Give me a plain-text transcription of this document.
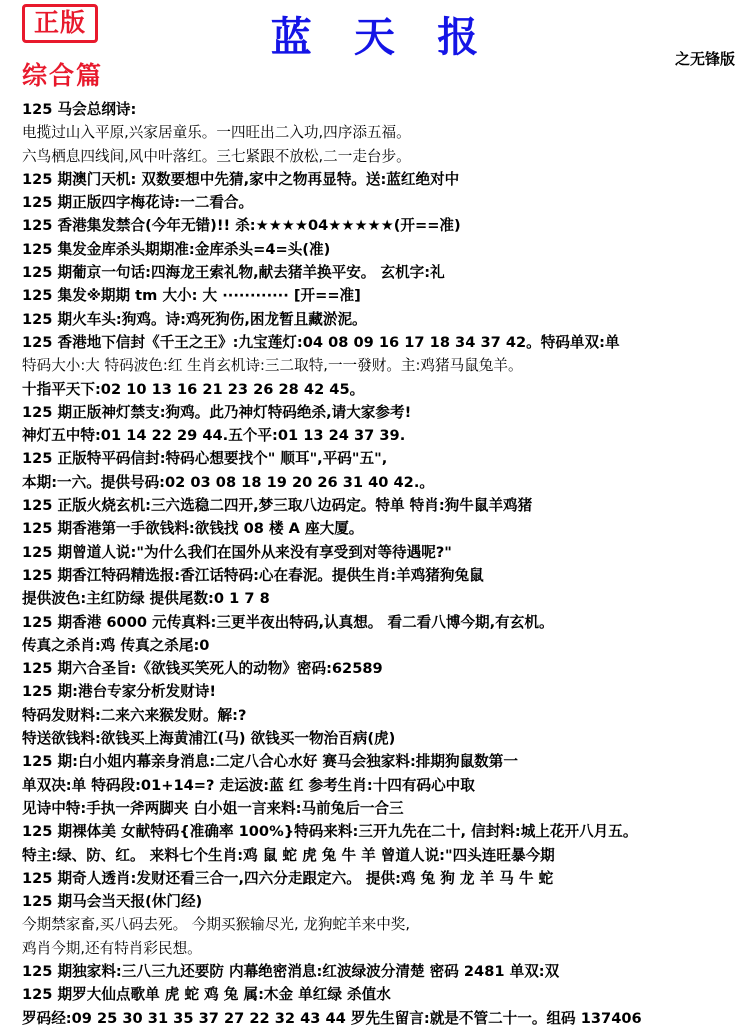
正版	蓝 天 报	之无锋版
综合篇
125 马会总纲诗:
电揽过山入平原,兴家居童乐。一四旺出二入功,四序添五福。
六鸟栖息四线间,风中叶落红。三七紧跟不放松,二一走台步。
125 期澳门天机: 双数要想中先猜,家中之物再显特。送:蓝红绝对中
125 期正版四字梅花诗:一二看合。
125 香港集发禁合(今年无错)!! 杀:★★★★04★★★★★(开==准)
125 集发金库杀头期期准:金库杀头=4=头(准)
125 期葡京一句话:四海龙王索礼物,献去猪羊换平安。 玄机字:礼
125 集发※期期 tm 大小: 大 ············ [开==准]
125 期火车头:狗鸡。诗:鸡死狗伤,困龙暂且藏淤泥。
125 香港地下信封《千王之王》:九宝莲灯:04 08 09 16 17 18 34 37 42。特码单双:单
特码大小:大 特码波色:红 生肖玄机诗:三二取特,一一發财。主:鸡猪马鼠兔羊。
十指平天下:02 10 13 16 21 23 26 28 42 45。
125 期正版神灯禁支:狗鸡。此乃神灯特码绝杀,请大家参考!
神灯五中特:01 14 22 29 44.五个平:01 13 24 37 39.
125 正版特平码信封:特码心想要找个" 顺耳",平码"五",
本期:一六。提供号码:02 03 08 18 19 20 26 31 40 42.。
125 正版火烧玄机:三六选稳二四开,梦三取八边码定。特单 特肖:狗牛鼠羊鸡猪
125 期香港第一手欲钱料:欲钱找 08 楼 A 座大厦。
125 期曾道人说:"为什么我们在国外从来没有享受到对等待遇呢?"
125 期香江特码精选报:香江话特码:心在春泥。提供生肖:羊鸡猪狗兔鼠
提供波色:主红防绿 提供尾数:0 1 7 8
125 期香港 6000 元传真料:三更半夜出特码,认真想。 看二看八博今期,有玄机。
传真之杀肖:鸡 传真之杀尾:0
125 期六合圣旨:《欲钱买笑死人的动物》密码:62589
125 期:港台专家分析发财诗!
特码发财料:二来六来猴发财。解:?
特送欲钱料:欲钱买上海黄浦江(马) 欲钱买一物治百病(虎)
125 期:白小姐内幕亲身消息:二定八合心水好 赛马会独家料:排期狗鼠数第一
单双决:单 特码段:01+14=? 走运波:蓝 红 参考生肖:十四有码心中取
见诗中特:手执一斧两脚夹 白小姐一言来料:马前兔后一合三
125 期裸体美 女献特码{准确率 100%}特码来料:三开九先在二十, 信封料:城上花开八月五。
特主:绿、防、红。 来料七个生肖:鸡 鼠 蛇 虎 兔 牛 羊 曾道人说:"四头连旺暴今期
125 期奇人透肖:发财还看三合一,四六分走跟定六。 提供:鸡 兔 狗 龙 羊 马 牛 蛇
125 期马会当天报(休门经)
今期禁家畜,买八码去死。 今期买猴输尽光, 龙狗蛇羊来中奖,
鸡肖今期,还有特肖彩民想。
125 期独家料:三八三九还要防 内幕绝密消息:红波绿波分清楚 密码 2481 单双:双
125 期罗大仙点歌单 虎 蛇 鸡 兔 属:木金 单红绿 杀值水
罗码经:09 25 30 31 35 37 27 22 32 43 44 罗先生留言:就是不管二十一。组码 137406
